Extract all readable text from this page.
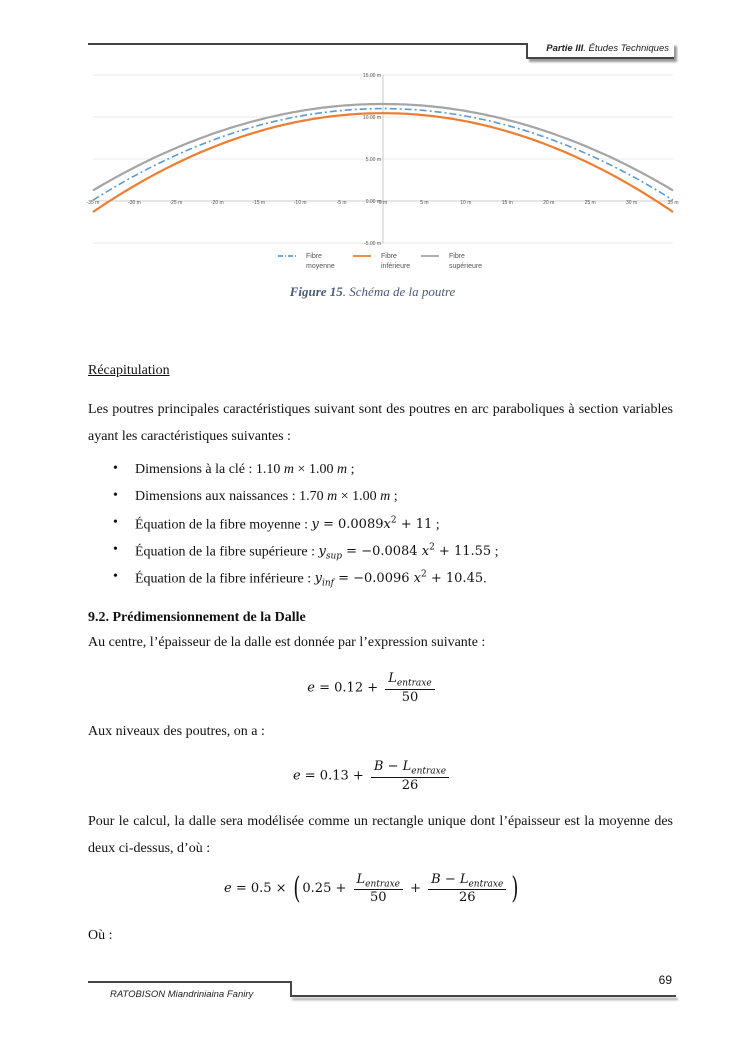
Partie III. Études Techniques
15.00 m
10.00 m
5.00 m
0.00 m
-5.00 m
-35 m	-30 m	-25 m	-20 m	-15 m	-10 m	-5 m	0 m	5 m	10 m	15 m	20 m	25 m	30 m	35 m
Fibre
moyenne
Fibre
inférieure
Fibre
supérieure
Figure 15. Schéma de la poutre
Récapitulation
Les poutres principales caractéristiques suivant sont des poutres en arc paraboliques à section variables ayant les caractéristiques suivantes :
• Dimensions à la clé : 1.10 m × 1.00 m ;
• Dimensions aux naissances : 1.70 m × 1.00 m ;
• Équation de la fibre moyenne : $y = 0.0089x^2 + 11$ ;
• Équation de la fibre supérieure : $y_{sup} = -0.0084$ $x^2 + 11.55$ ;
• Équation de la fibre inférieure : $y_{inf} = -0.0096$ $x^2 + 10.45$.
9.2. Prédimensionnement de la Dalle
Au centre, l’épaisseur de la dalle est donnée par l’expression suivante :
$e = 0.12 + \frac{L_{entraxe}}{50}$
Aux niveaux des poutres, on a :
$e = 0.13 + \frac{B - L_{entraxe}}{26}$
Pour le calcul, la dalle sera modélisée comme un rectangle unique dont l’épaisseur est la moyenne des deux ci-dessus, d’où :
e = 0.5 × ( $0.25 + \frac{L_{entraxe}}{50} + \frac{B - L_{entraxe}}{26}$ )
Où :
69
RATOBISON Miandriniaina Faniry
